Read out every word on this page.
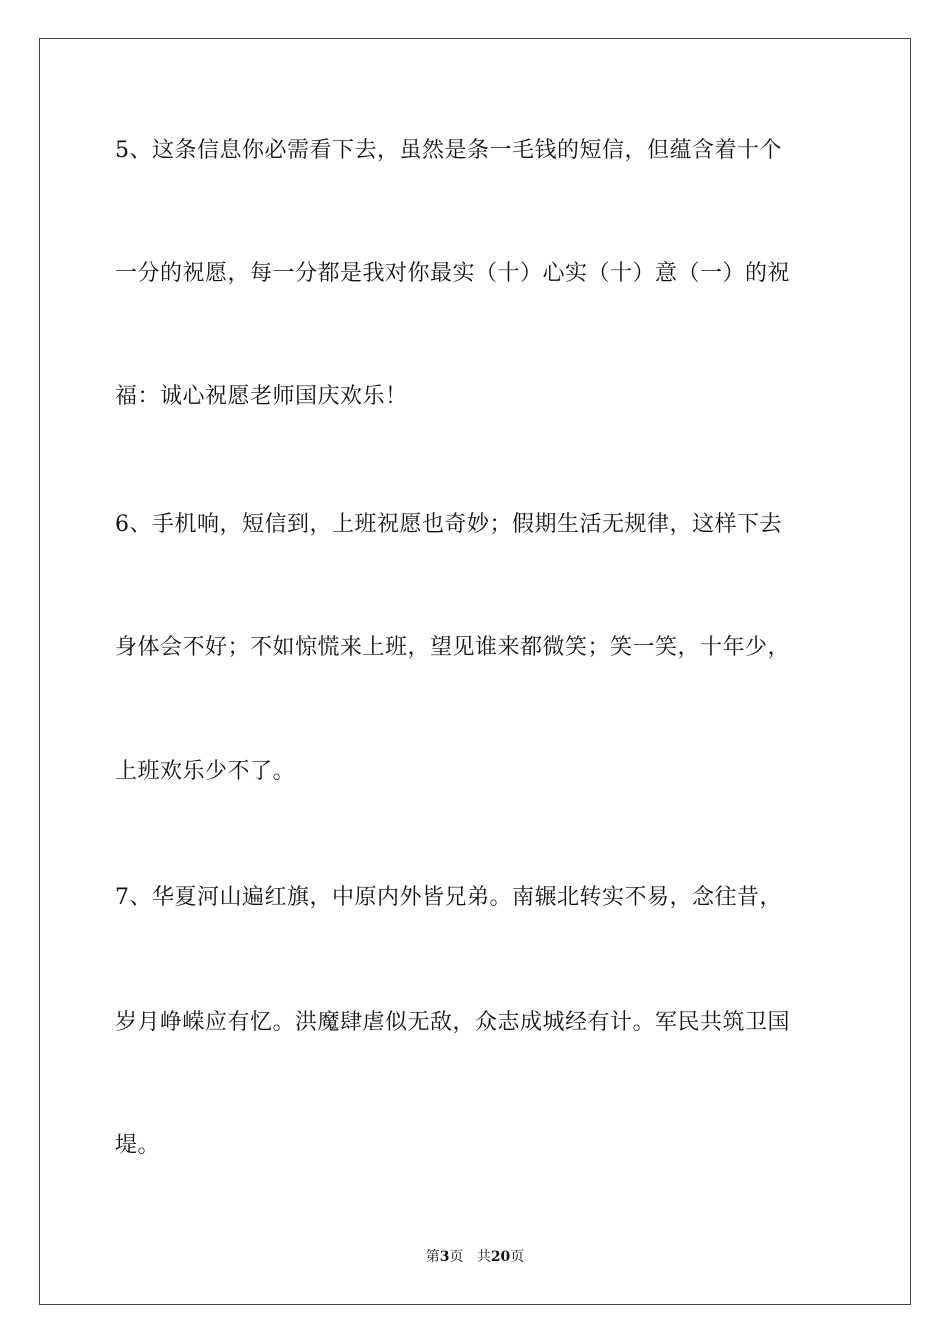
5、这条信息你必需看下去，虽然是条一毛钱的短信，但蕴含着十个
一分的祝愿，每一分都是我对你最实（十）心实（十）意（一）的祝
福：诚心祝愿老师国庆欢乐！
6、手机响，短信到，上班祝愿也奇妙；假期生活无规律，这样下去
身体会不好；不如惊慌来上班，望见谁来都微笑；笑一笑，十年少，
上班欢乐少不了。
7、华夏河山遍红旗，中原内外皆兄弟。南辗北转实不易，念往昔，
岁月峥嵘应有忆。洪魔肆虐似无敌，众志成城经有计。军民共筑卫国
堤。
第3页 共20页
